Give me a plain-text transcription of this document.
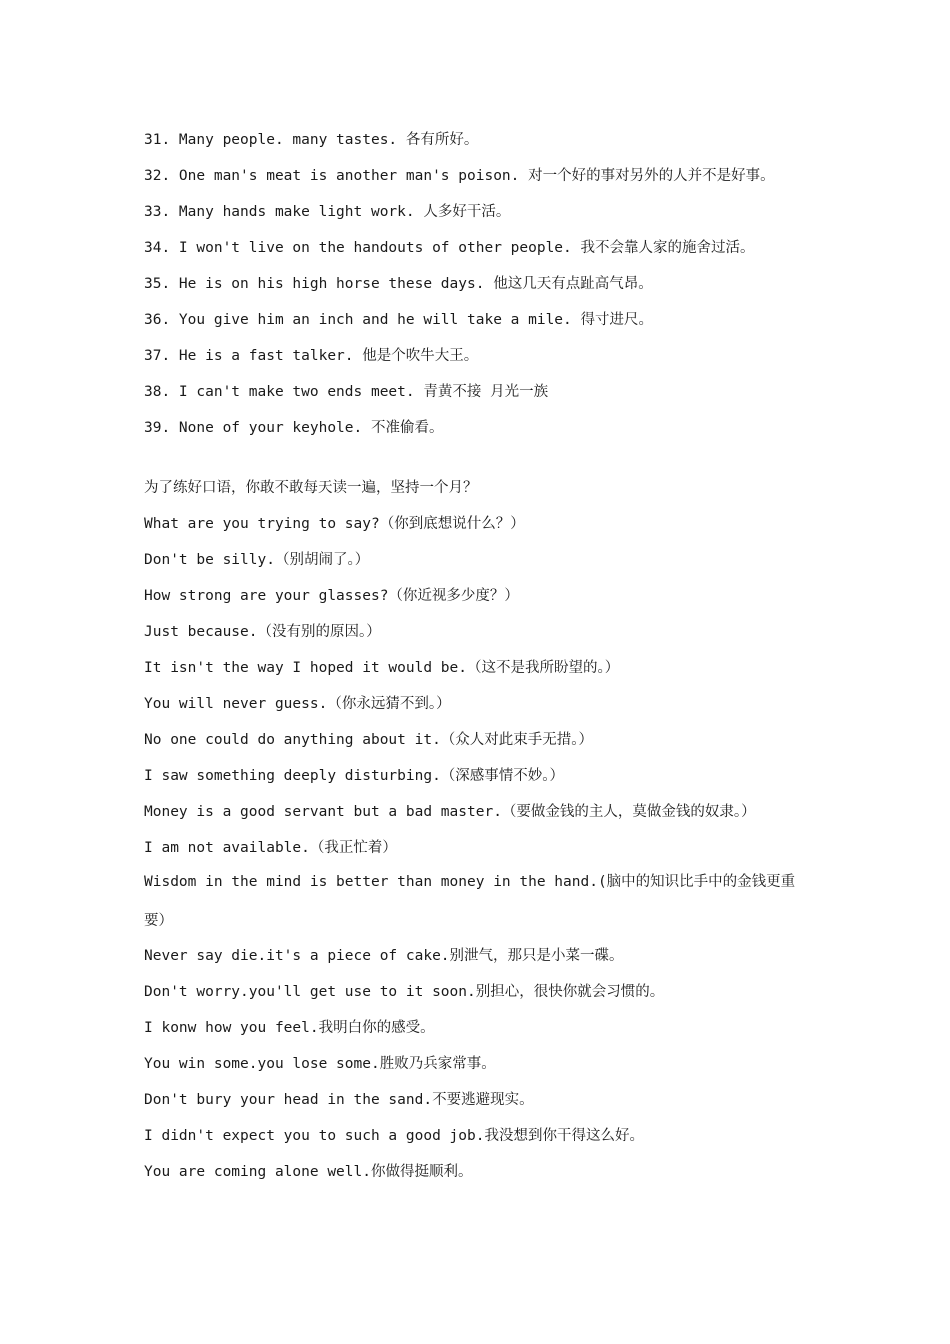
31. Many people. many tastes. 各有所好。
32. One man's meat is another man's poison. 对一个好的事对另外的人并不是好事。
33. Many hands make light work. 人多好干活。
34. I won't live on the handouts of other people. 我不会靠人家的施舍过活。
35. He is on his high horse these days. 他这几天有点趾高气昂。
36. You give him an inch and he will take a mile. 得寸进尺。
37. He is a fast talker. 他是个吹牛大王。
38. I can't make two ends meet. 青黄不接 月光一族
39. None of your keyhole. 不准偷看。
为了练好口语，你敢不敢每天读一遍，坚持一个月？
What are you trying to say?（你到底想说什么？）
Don't be silly.（别胡闹了。）
How strong are your glasses?（你近视多少度？）
Just because.（没有别的原因。）
It isn't the way I hoped it would be.（这不是我所盼望的。）
You will never guess.（你永远猜不到。）
No one could do anything about it.（众人对此束手无措。）
I saw something deeply disturbing.（深感事情不妙。）
Money is a good servant but a bad master.（要做金钱的主人，莫做金钱的奴隶。）
I am not available.（我正忙着）
Wisdom in the mind is better than money in the hand.(脑中的知识比手中的金钱更重要）
Never say die.it's a piece of cake.别泄气，那只是小菜一碟。
Don't worry.you'll get use to it soon.别担心，很快你就会习惯的。
I konw how you feel.我明白你的感受。
You win some.you lose some.胜败乃兵家常事。
Don't bury your head in the sand.不要逃避现实。
I didn't expect you to such a good job.我没想到你干得这么好。
You are coming alone well.你做得挺顺利。
